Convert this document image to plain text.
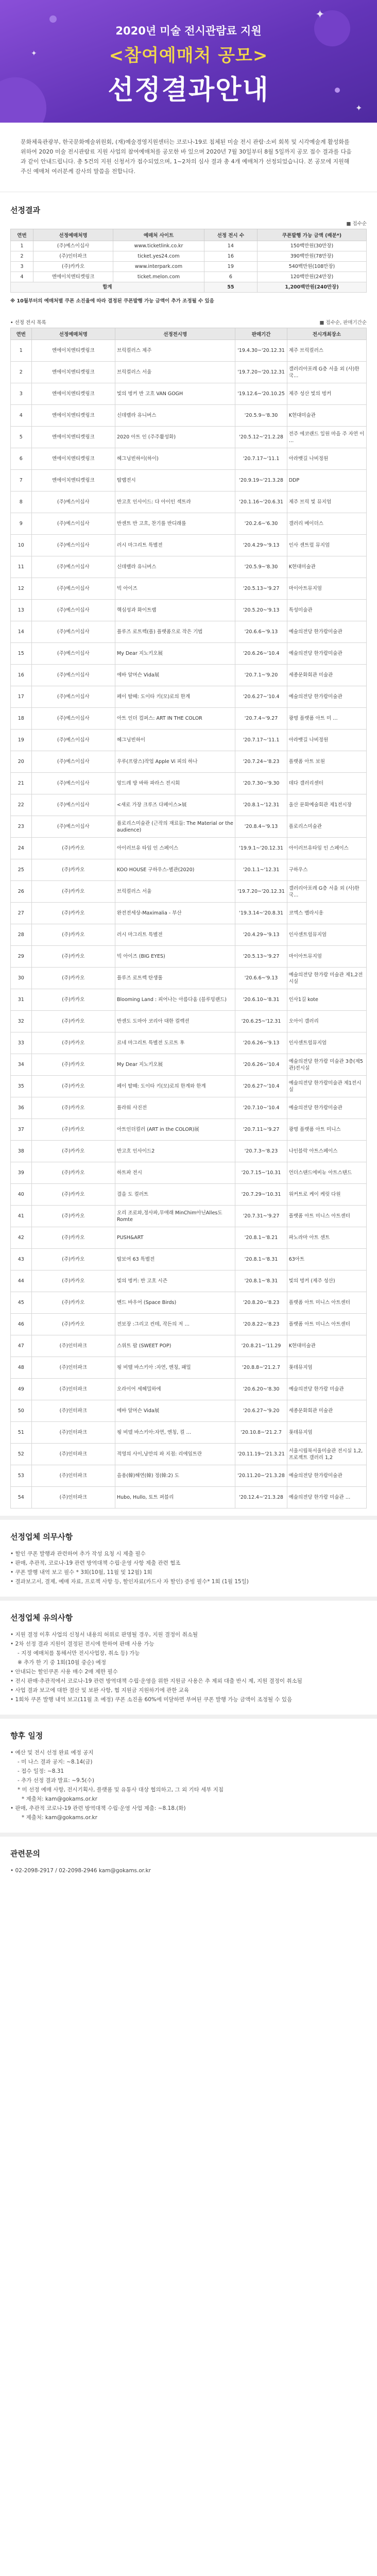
✦
✦
✦
2020년 미술 전시관람료 지원
<참여예매처 공모>
선정결과안내
문화체육관광부, 한국문화예술위원회, (재)예술경영지원센터는 코로나-19로 침체된 미술 전시 관람·소비 회복 및 시각예술계 활성화를 위하여 2020 미술 전시관람료 지원 사업의 참여예매처를 공모한 바 있으며 2020년 7월 30일부터 8월 5일까지 공모 접수 결과를 다음과 같이 안내드립니다. 총 5건의 지원 신청서가 접수되었으며, 1~2차의 심사 결과 총 4개 예매처가 선정되었습니다. 본 공모에 지원해 주신 예매처 여러분께 감사의 말씀을 전합니다.
선정결과
■ 접수순
연번	선정예매처명	예매처 사이트	선정 전시 수	쿠폰발행 가능 금액 (배분*)
1	(주)예스이십사	www.ticketlink.co.kr	14	150백만원(30만장)
2	(주)인터파크	ticket.yes24.com	16	390백만원(78만장)
3	(주)카카오	www.interpark.com	19	540백만원(108만장)
4	엔에이치엔티켓링크	ticket.melon.com	6	120백만원(24만장)
합계			55	1,200백만원(240만장)
※ 10월부터의 예매처별 쿠폰 소진율에 따라 결정된 쿠폰발행 가능 금액이 추가 조정될 수 있음
• 선정 전시 목록	■ 접수순, 판매기간순
연번	선정예매처명	선정전시명	판매기간	전시개최장소
1	엔에이치엔티켓링크	브릭컬러스 제주	'19.4.30~'20.12.31	제주 브릭컬러스
2	엔에이치엔티켓링크	브릭컬러스 서울	'19.7.20~'20.12.31	갤러리아포레 G층 서울 외 (사)한국…
3	엔에이치엔티켓링크	빛의 벙커 반 고흐 VAN GOGH	'19.12.6~'20.10.25	제주 성산 빛의 벙커
4	엔에이치엔티켓링크	신데렐라 유니버스	'20.5.9~'8.30	K현대미술관
5	엔에이치엔티켓링크	2020 아트 인 (주주활성화)	'20.5.12~'21.2.28	전주 에코랜드 일원 마을 주 자연 이 …
6	엔에이치엔티켓링크	헤그닝빈하이(하이)	'20.7.17~'11.1	아라뱃길 나비정원
7	엔에이치엔티켓링크	탑랩전시	'20.9.19~'21.3.28	DDP
8	(주)예스이십사	반고흐 인사이드: 다 아이인 섹트라	'20.1.16~'20.6.31	제주 브릭 빛 뮤지엄
9	(주)예스이십사	반센트 반 고흐, 찬기를 반디래를	'20.2.6~'6.30	갤러리 베이더스
10	(주)예스이십사	러시 마그리트 특별전	'20.4.29~'9.13	인사 센트럴 뮤지엄
11	(주)예스이십사	신데렐라 유니버스	'20.5.9~'8.30	K현대미술관
12	(주)예스이십사	빅 아이즈	'20.5.13~'9.27	마이아트뮤지엄
13	(주)예스이십사	핵심성과 화이트랩	'20.5.20~'9.13	특성미술관
14	(주)예스이십사	플루즈 로트렉(플) 플랫폼으로 작은 기법	'20.6.6~'9.13	예술의전당 한가람미술관
15	(주)예스이십사	My Dear 지노키오展	'20.6.26~'10.4	예술의전당 한가람미술관
16	(주)예스이십사	에바 알머슨 Vida展	'20.7.1~'9.20	세종문화회관 미술관
17	(주)예스이십사	페이 탈뗴: 도이타 키(모)로의 한계	'20.6.27~'10.4	예술의전당 한가람미술관
18	(주)예스이십사	아트 인더 컴퍼스: ART IN THE COLOR	'20.7.4~'9.27	광명 플랫폼 아트 미 …
19	(주)예스이십사	헤그닝빈하이	'20.7.17~'11.1	아라뱃길 나비정원
20	(주)예스이십사	우루(프랑스)작업 Apple Vi 피의 하나	'20.7.24~'8.23	플랫폼 아트 보원
21	(주)예스이십사	앙드레 방 바하 파라스 전시회	'20.7.30~'9.30	데다 갤러리센터
22	(주)예스이십사	<새로 가장 크루즈 다페이스>展	'20.8.1~'12.31	울산 문화예술회관 제1전시장
23	(주)예스이십사	플로리스미술관 (근작의 재료들: The Material or the audience)	'20.8.4~'9.13	플로리스미술관
24	(주)카카오	아이러브유 타임 인 스페이스	'19.9.1~'20.12.31	아이러브유타임 인 스페이스
25	(주)카카오	KOO HOUSE 구하우스-별관(2020)	'20.1.1~'12.31	구하우스
26	(주)카카오	브릭컬러스 서울	'19.7.20~'20.12.31	갤러리아포레 G층 서울 외 (사)한국…
27	(주)카카오	완전전세상-Maximalia - 부산	'19.3.14~'20.8.31	코엑스 벨라시옹
28	(주)카카오	러시 마그리트 특별전	'20.4.29~'9.13	인사센트럴뮤지엄
29	(주)카카오	빅 아이즈 (BIG EYES)	'20.5.13~'9.27	마이아트뮤지엄
30	(주)카카오	플루즈 로트렉 탄생롤	'20.6.6~'9.13	예술의전당 한가람 미술관 제1,2전시실
31	(주)카카오	Blooming Land : 피어나는 아름다움 (블루밍랜드)	'20.6.10~'8.31	인사1길 kote
32	(주)카카오	반센도 도마아 코리아 대한 컬렉션	'20.6.25~'12.31	오아이 갤러리
33	(주)카카오	르네 마그리트 특별전 도르트 후	'20.6.26~'9.13	인사센트럴뮤지엄
34	(주)카카오	My Dear 지노키오展	'20.6.26~'10.4	예술의전당 한가람 미술관 3층(제5관)전시실
35	(주)카카오	페이 탈뗴: 도이타 키(모)로의 한계와 한계	'20.6.27~'10.4	예술의전당 한가람미술관 제1전시실
36	(주)카카오	플라워 사진전	'20.7.10~'10.4	예술의전당 한가람미술관
37	(주)카카오	아트인더컬러 (ART in the COLOR)展	'20.7.11~'9.27	광명 플랫폼 아트 미니스
38	(주)카카오	반고흐 인사이드2	'20.7.3~'8.23	나인블락 아트스페이스
39	(주)카카오	하트파 전시	'20.7.15~'10.31	언더스탠드에비뉴 아트스탠드
40	(주)카카오	결을 도 컬러트	'20.7.29~'10.31	위커트로 케이 케릿 다원
41	(주)카카오	오리 조로와,정사파,무애래 MinChim아닌Alles도Romte	'20.7.31~'9.27	플랫폼 아트 미니스 아트센터
42	(주)카카오	PUSH&ART	'20.8.1~'8.21	파노라마 아트 센트
43	(주)카카오	탑보여 63 특별전	'20.8.1~'8.31	63아트
44	(주)카카오	빛의 벙커: 반 고흐 시즌	'20.8.1~'8.31	빛의 벙커 (제주 성산)
45	(주)카카오	벤드 바우어 (Space Birds)	'20.8.20~'8.23	플랫폼 아트 미니스 아트센터
46	(주)카카오	전보장 :그리고 컨테, 작든의 저 …	'20.8.22~'8.23	플랫폼 아트 미니스 아트센터
47	(주)인터파크	스위트 팝 (SWEET POP)	'20.8.21~'11.29	K현대미술관
48	(주)인터파크	핑 비텔 바스키아 :자연, 엔칭, 패밀	'20.8.8~'21.2.7	롯데뮤지엄
49	(주)인터파크	오라이어 세헤밀하에	'20.6.20~'8.30	예술의전당 한가람 미술관
50	(주)인터파크	에바 알머슨 Vida展	'20.6.27~'9.20	세종문화회관 미술관
51	(주)인터파크	핑 비델 바스키아:자연, 엔칭, 컬 …	'20.10.8~'21.2.7	롯데뮤지엄
52	(주)인터파크	적영의 사이,낭만의 파 지점: 리에임트란	'20.11.19~'21.3.21	서울시립북서울미술관 전시실 1,2,프로젝트 갤러리 1,2
53	(주)인터파크	을용(韓)해연(韓) 정(韓:2) 도	'20.11.20~'21.3.28	예술의전당 한가람미술관
54	(주)인터파크	Hubo, Hullo, 토트 퍼블리	'20.12.4~'21.3.28	예술의전당 한가람 미술관 …
선정업체 의무사항
• 할인 쿠폰 발행과 관련하여 추가 작성 요청 시 제출 필수
• 판매, 추관적, 코로나-19 관련 방역대책 수립·운영 사항 제출 관련 협조
• 쿠폰 발행 내역 보고 필수 * 3회(10월, 11월 및 12월) 1회
• 결과보고서, 결제, 예매 자료, 프로젝 사항 등, 할인자료(카드사 자 할인) 증빙 필수* 1회 (1월 15일)
선정업체 유의사항
• 지원 결정 이후 사업의 신청서 내용의 허위로 판명될 경우, 지원 결정이 취소될
• 2차 선정 결과 지원이 결정된 전시에 한하여 판매 사용 가능
- 지정 예매처를 통해서만 전시사업장, 취소 등) 가능
※ 추가 한 기 중 1회(10월 중순) 예정
• 안내되는 할인쿠폰 사용 매수 2매 제한 필수
• 전시 판매·추관적에서 코로나-19 관련 방역대책 수립·운영을 위한 지원금 사용은 추 제외 대출 반시 제, 지원 결정이 취소됨
• 사업 결과 보고에 대한 결산 및 보완 사항, 협 지원금 지원하기에 관한 교육
• 1회차 쿠폰 발행 내역 보고(11월 초 예정) 쿠폰 소진율 60%에 미달하면 부여된 쿠폰 발행 가능 금액이 조정될 수 있음
향후 일정
• 예산 및 전시 선정 완료 예정 공지
- 미 나스 결과 공지: ~8.14(금)
- 접수 일정: ~8.31
- 추가 선정 결과 발표: ~9.5(수)
* 미 선정 예매 사항, 전시기획사, 플랫폼 및 유통사 대상 협의하고, 그 외 기타 세부 지침
* 제출처: kam@gokams.or.kr
• 판매, 추관적 코로나-19 관련 방역대책 수립·운영 사업 제출: ~8.18.(화)
* 제출처: kam@gokams.or.kr
관련문의
• 02-2098-2917 / 02-2098-2946 kam@gokams.or.kr
